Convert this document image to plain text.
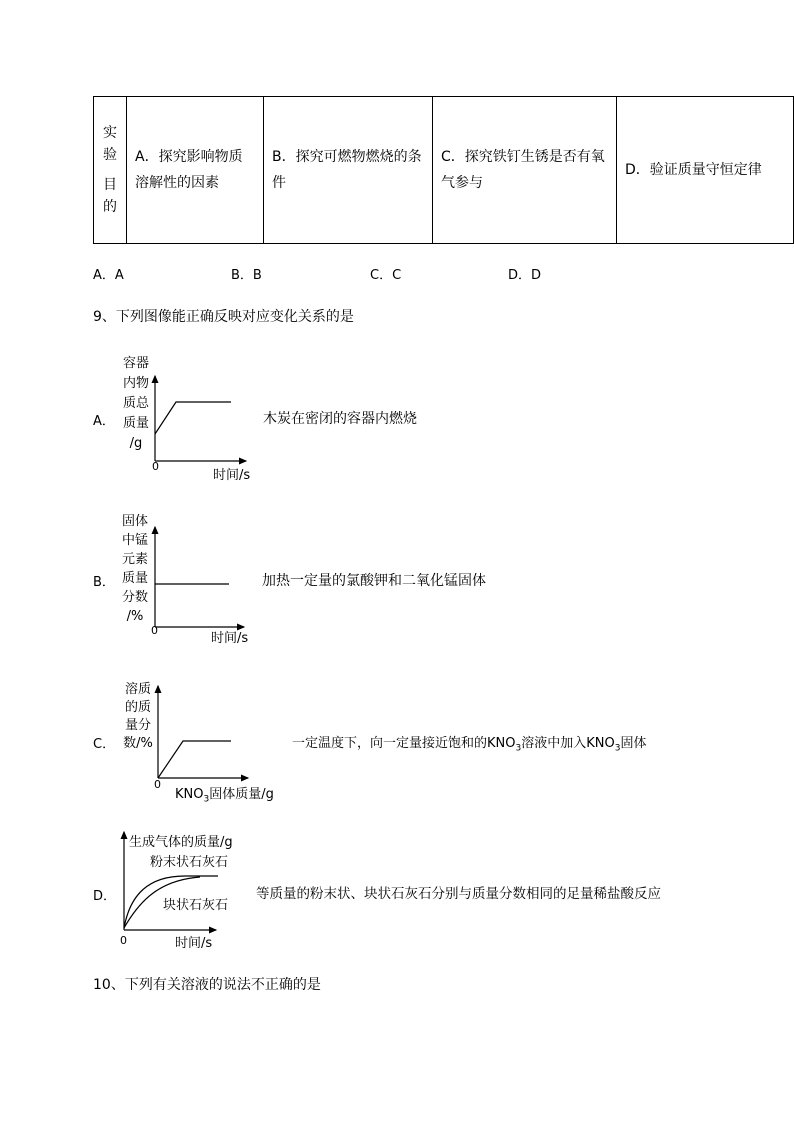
实
验
目
的
	A．探究影响物质溶解性的因素	B．探究可燃物燃烧的条件	C．探究铁钉生锈是否有氧气参与	D．验证质量守恒定律
A．A	B．B	C．C	D．D
9、下列图像能正确反映对应变化关系的是
A．
容器
内物
质总
质量
/g
0
时间/s
木炭在密闭的容器内燃烧
B．
固体
中锰
元素
质量
分数
/%
0
时间/s
加热一定量的氯酸钾和二氧化锰固体
C．
溶质
的质
量分
数/%
0
$KNO_3$固体质量/g
一定温度下，向一定量接近饱和的$KNO_3$溶液中加入$KNO_3$固体
D．
生成气体的质量/g
粉末状石灰石
块状石灰石
0	时间/s
等质量的粉末状、块状石灰石分别与质量分数相同的足量稀盐酸反应
10、下列有关溶液的说法不正确的是
